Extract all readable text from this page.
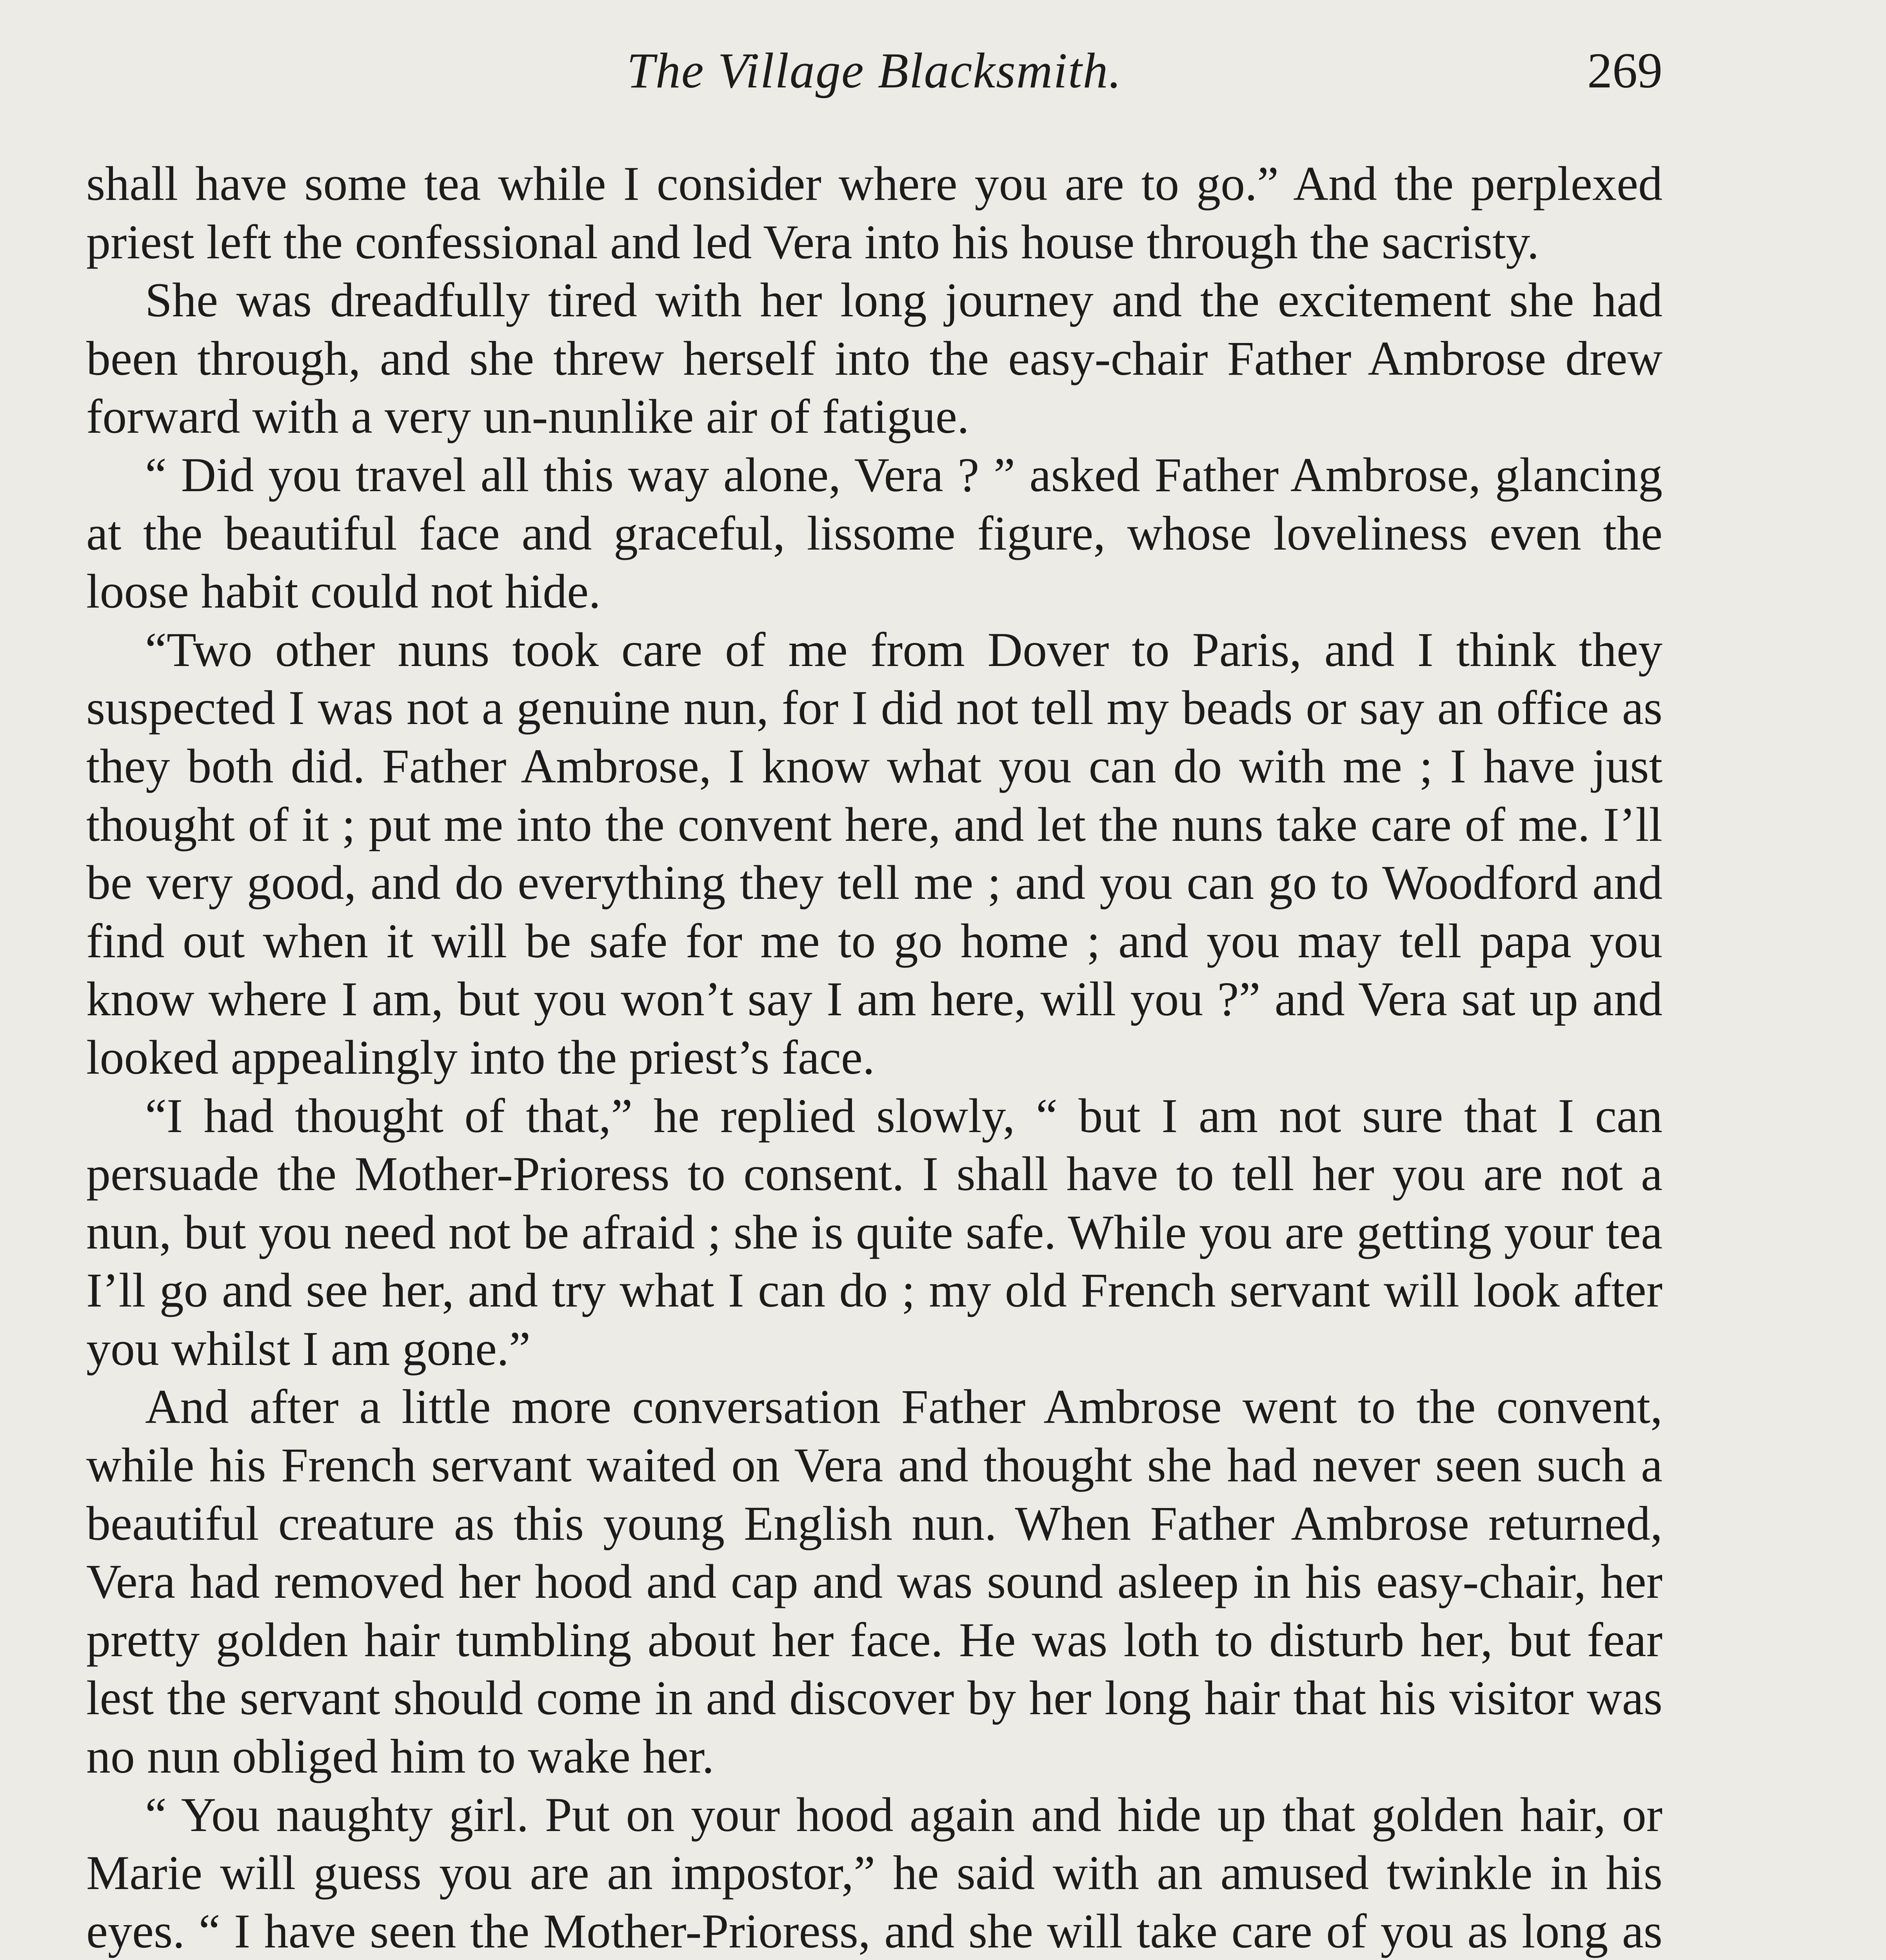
The Village Blacksmith.	269

shall have some tea while I consider where you are to go.” And the perplexed priest left the confessional and led Vera into his house through the sacristy.

She was dreadfully tired with her long journey and the excitement she had been through, and she threw herself into the easy-chair Father Ambrose drew forward with a very un-nunlike air of fatigue.

“ Did you travel all this way alone, Vera ? ” asked Father Ambrose, glancing at the beautiful face and graceful, lissome figure, whose loveliness even the loose habit could not hide.

“Two other nuns took care of me from Dover to Paris, and I think they suspected I was not a genuine nun, for I did not tell my beads or say an office as they both did. Father Ambrose, I know what you can do with me ; I have just thought of it ; put me into the convent here, and let the nuns take care of me. I’ll be very good, and do everything they tell me ; and you can go to Woodford and find out when it will be safe for me to go home ; and you may tell papa you know where I am, but you won’t say I am here, will you ?” and Vera sat up and looked appealingly into the priest’s face.

“I had thought of that,” he replied slowly, “ but I am not sure that I can persuade the Mother-Prioress to consent. I shall have to tell her you are not a nun, but you need not be afraid ; she is quite safe. While you are getting your tea I’ll go and see her, and try what I can do ; my old French servant will look after you whilst I am gone.”

And after a little more conversation Father Ambrose went to the convent, while his French servant waited on Vera and thought she had never seen such a beautiful creature as this young English nun. When Father Ambrose returned, Vera had removed her hood and cap and was sound asleep in his easy-chair, her pretty golden hair tumbling about her face. He was loth to disturb her, but fear lest the servant should come in and discover by her long hair that his visitor was no nun obliged him to wake her.

“ You naughty girl. Put on your hood again and hide up that golden hair, or Marie will guess you are an impostor,” he said with an amused twinkle in his eyes. “ I have seen the Mother-Prioress, and she will take care of you as long as
